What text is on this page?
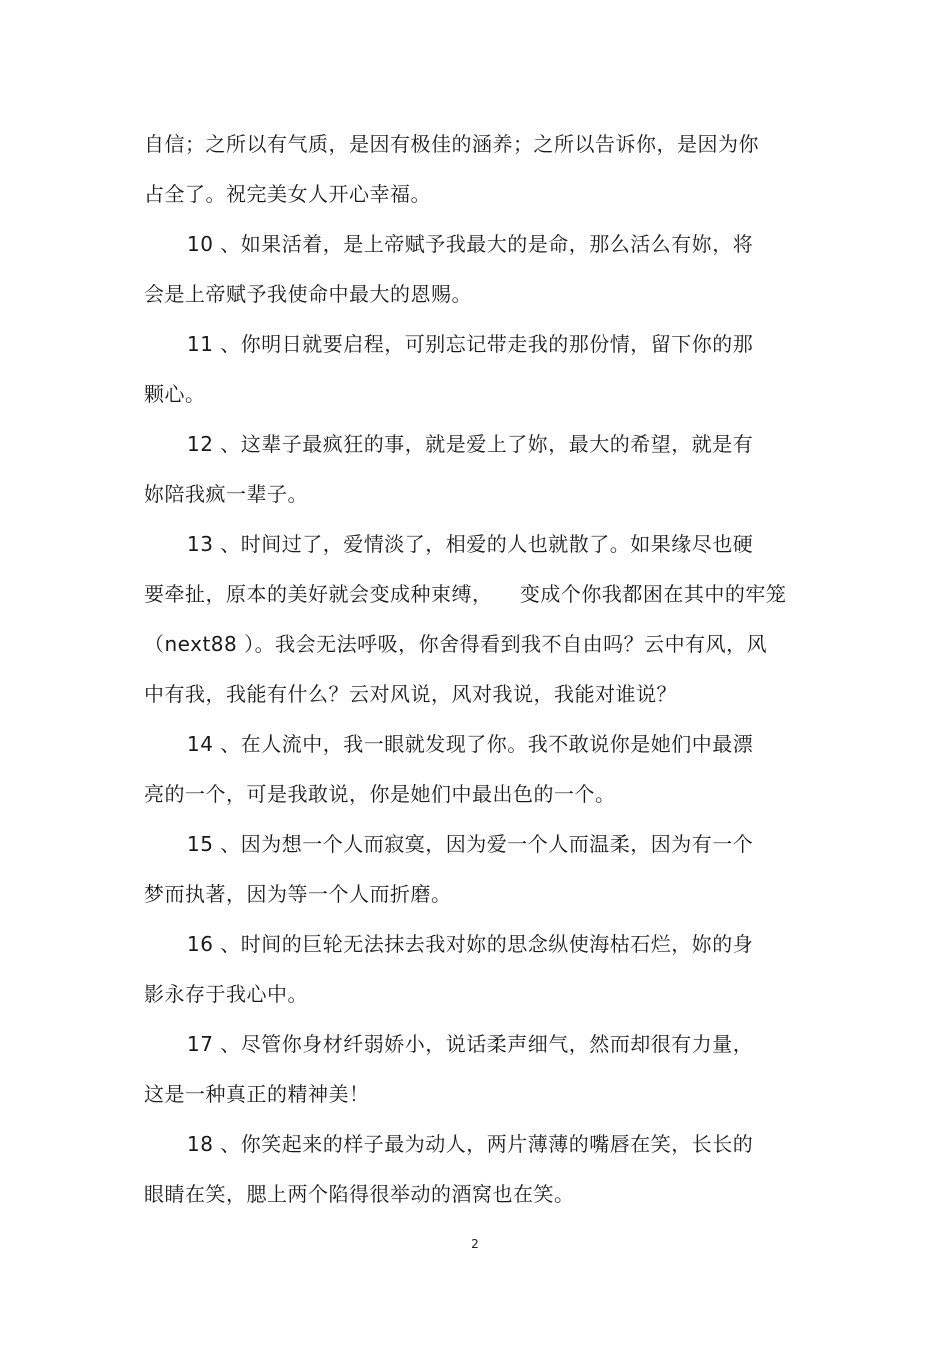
自信；之所以有气质，是因有极佳的涵养；之所以告诉你，是因为你
占全了。祝完美女人开心幸福。
10 、如果活着，是上帝赋予我最大的是命，那么活么有妳，将
会是上帝赋予我使命中最大的恩赐。
11 、你明日就要启程，可别忘记带走我的那份情，留下你的那
颗心。
12 、这辈子最疯狂的事，就是爱上了妳，最大的希望，就是有
妳陪我疯一辈子。
13 、时间过了，爱情淡了，相爱的人也就散了。如果缘尽也硬
要牵扯，原本的美好就会变成种束缚，    变成个你我都困在其中的牢笼
（next88 ）。我会无法呼吸，你舍得看到我不自由吗？云中有风，风
中有我，我能有什么？云对风说，风对我说，我能对谁说？
14 、在人流中，我一眼就发现了你。我不敢说你是她们中最漂
亮的一个，可是我敢说，你是她们中最出色的一个。
15 、因为想一个人而寂寞，因为爱一个人而温柔，因为有一个
梦而执著，因为等一个人而折磨。
16 、时间的巨轮无法抹去我对妳的思念纵使海枯石烂，妳的身
影永存于我心中。
17 、尽管你身材纤弱娇小，说话柔声细气，然而却很有力量，
这是一种真正的精神美！
18 、你笑起来的样子最为动人，两片薄薄的嘴唇在笑，长长的
眼睛在笑，腮上两个陷得很举动的酒窝也在笑。
2
